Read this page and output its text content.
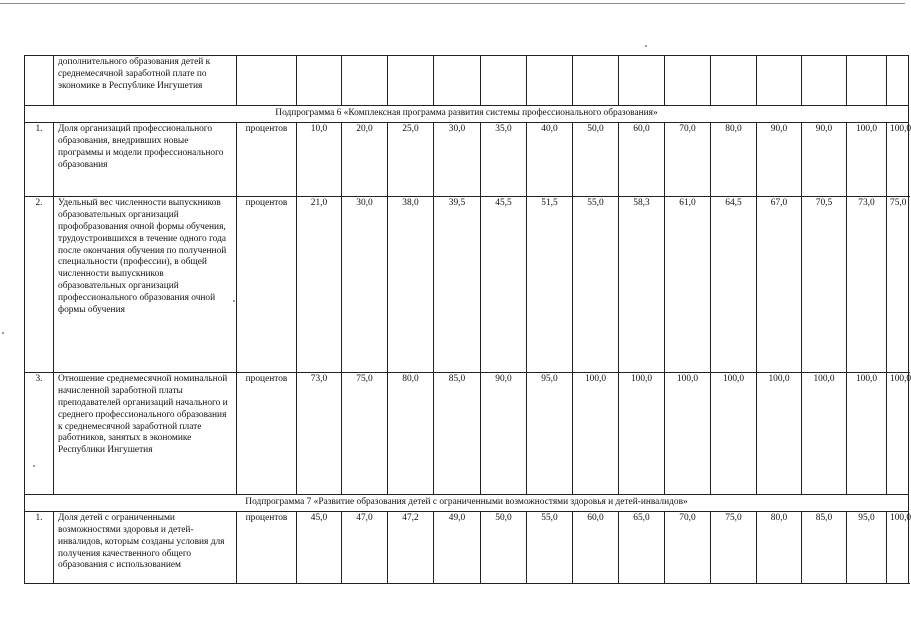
	дополнительного образования детей к среднемесячной заработной плате по экономике в Республике Ингушетия															
Подпрограмма 6 «Комплексная программа развития системы профессионального образования»																
1.	Доля организаций профессионального образования, внедривших новые программы и модели профессионального образования	процентов	10,0	20,0	25,0	30,0	35,0	40,0	50,0	60,0	70,0	80,0	90,0	90,0	100,0	100,0
2.	Удельный вес численности выпускников образовательных организаций профобразования очной формы обучения, трудоустроившихся в течение одного года после окончания обучения по полученной специальности (профессии), в общей численности выпускников образовательных организаций профессионального образования очной формы обучения	процентов	21,0	30,0	38,0	39,5	45,5	51,5	55,0	58,3	61,0	64,5	67,0	70,5	73,0	75,0
3.	Отношение среднемесячной номинальной начисленной заработной платы преподавателей организаций начального и среднего профессионального образования к среднемесячной заработной плате работников, занятых в экономике Республики Ингушетия	процентов	73,0	75,0	80,0	85,0	90,0	95,0	100,0	100,0	100,0	100,0	100,0	100,0	100,0	100,0
Подпрограмма 7 «Развитие образования детей с ограниченными возможностями здоровья и детей-инвалидов»																
1.	Доля детей с ограниченными возможностями здоровья и детей-инвалидов, которым созданы условия для получения качественного общего образования с использованием	процентов	45,0	47,0	47,2	49,0	50,0	55,0	60,0	65,0	70,0	75,0	80,0	85,0	95,0	100,0
